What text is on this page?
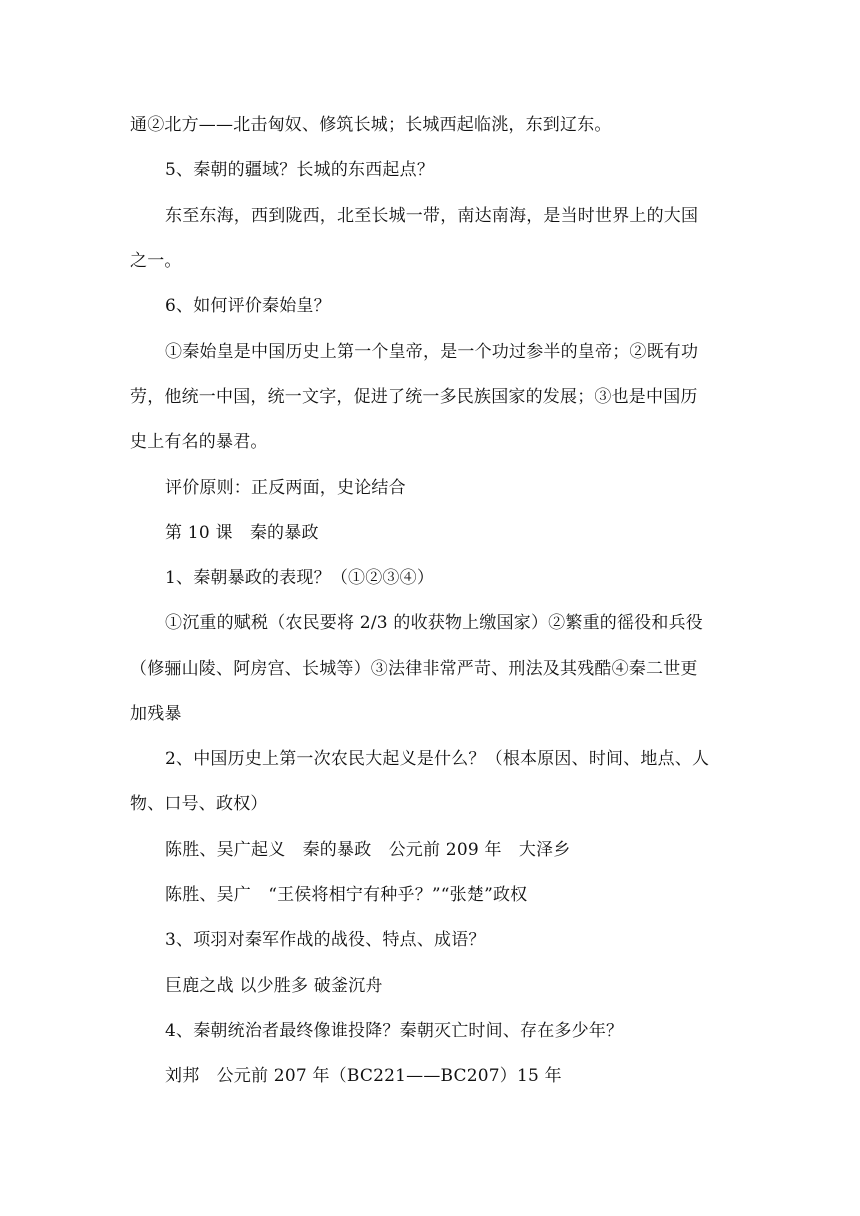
通②北方——北击匈奴、修筑长城；长城西起临洮，东到辽东。
5、秦朝的疆域？长城的东西起点？
东至东海，西到陇西，北至长城一带，南达南海，是当时世界上的大国
之一。
6、如何评价秦始皇？
①秦始皇是中国历史上第一个皇帝，是一个功过参半的皇帝；②既有功
劳，他统一中国，统一文字，促进了统一多民族国家的发展；③也是中国历
史上有名的暴君。
评价原则：正反两面，史论结合
第 10 课　秦的暴政
1、秦朝暴政的表现？（①②③④）
①沉重的赋税（农民要将 2/3 的收获物上缴国家）②繁重的徭役和兵役
（修骊山陵、阿房宫、长城等）③法律非常严苛、刑法及其残酷④秦二世更
加残暴
2、中国历史上第一次农民大起义是什么？（根本原因、时间、地点、人
物、口号、政权）
陈胜、吴广起义　秦的暴政　公元前 209 年　大泽乡
陈胜、吴广　“王侯将相宁有种乎？”“张楚”政权
3、项羽对秦军作战的战役、特点、成语？
巨鹿之战 以少胜多 破釜沉舟
4、秦朝统治者最终像谁投降？秦朝灭亡时间、存在多少年？
刘邦　公元前 207 年（BC221——BC207）15 年
